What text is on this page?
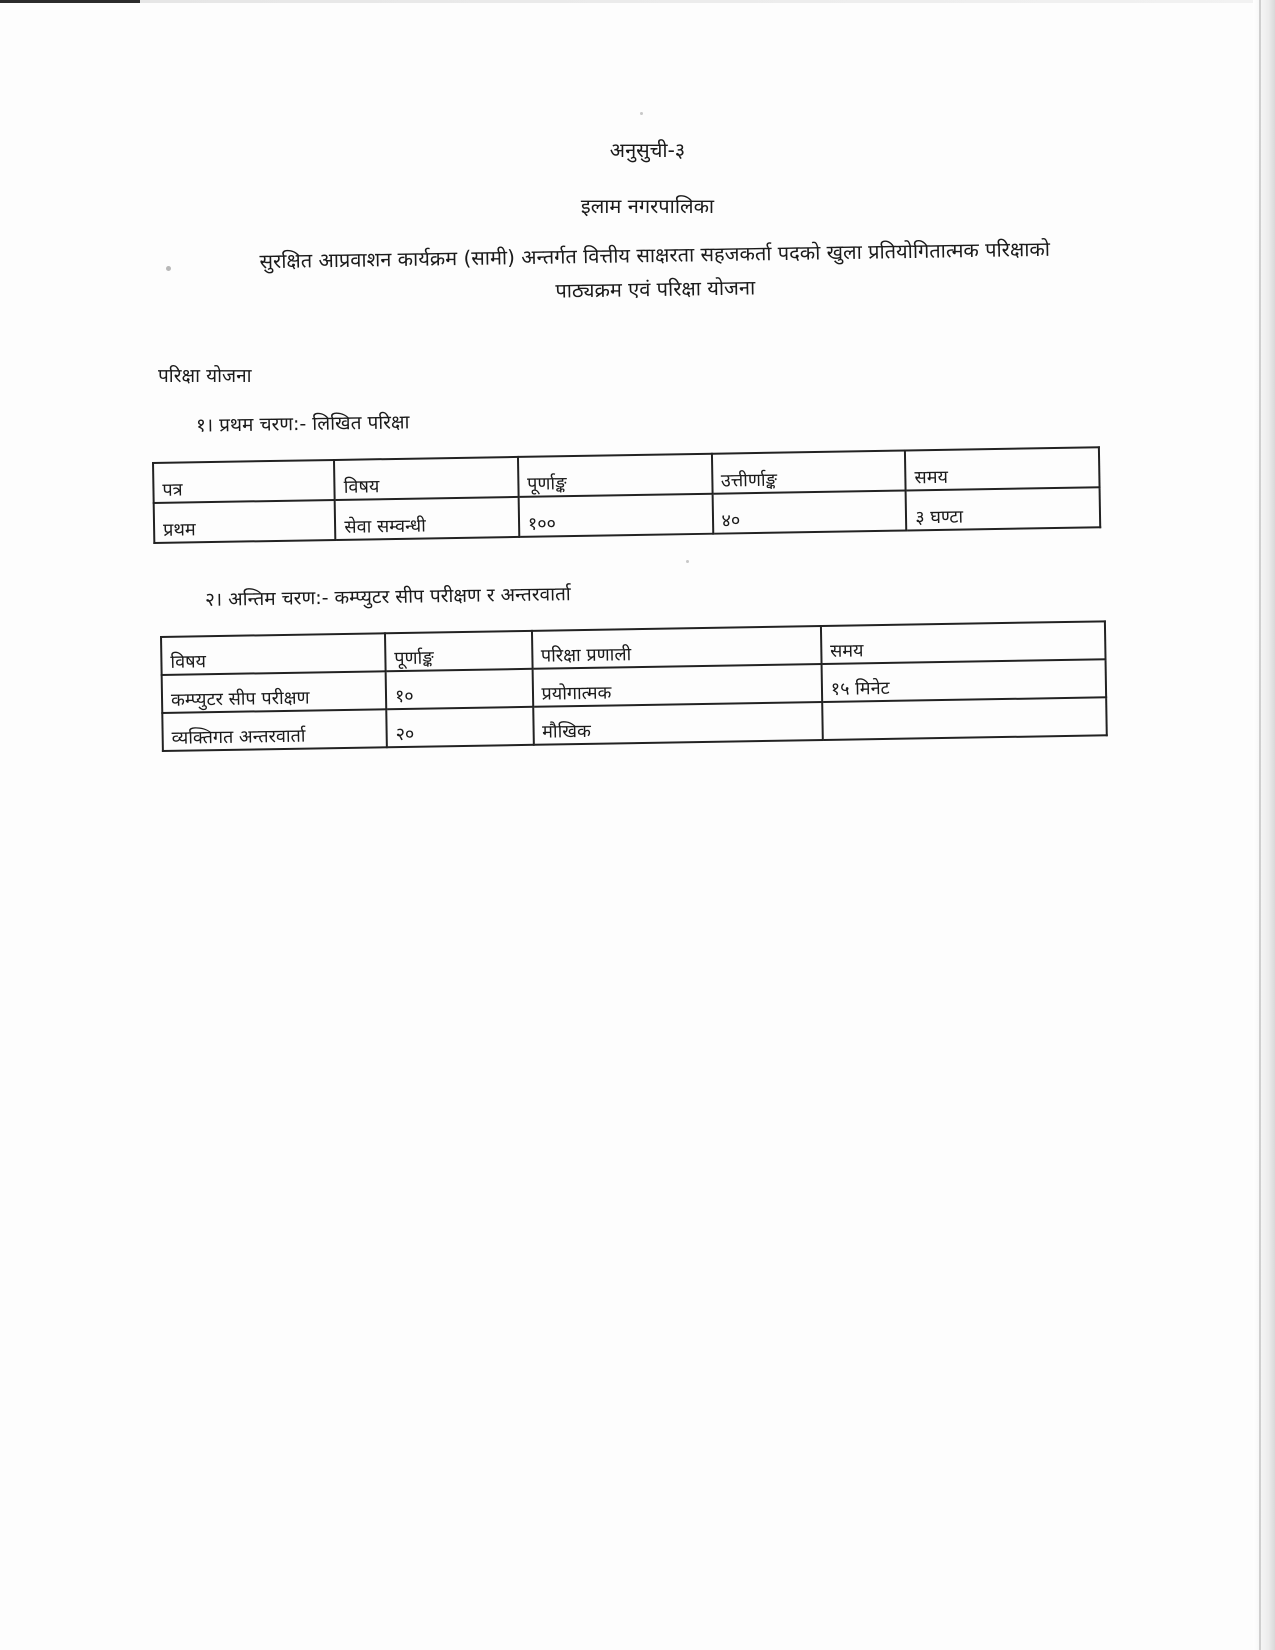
अनुसुची-३
इलाम नगरपालिका
सुरक्षित आप्रवाशन कार्यक्रम (सामी) अन्तर्गत वित्तीय साक्षरता सहजकर्ता पदको खुला प्रतियोगितात्मक परिक्षाको
पाठ्यक्रम एवं परिक्षा योजना
परिक्षा योजना
१। प्रथम चरण:- लिखित परिक्षा
पत्र	विषय	पूर्णाङ्क	उत्तीर्णाङ्क	समय
प्रथम	सेवा सम्वन्धी	१००	४०	३ घण्टा
२। अन्तिम चरण:- कम्प्युटर सीप परीक्षण र अन्तरवार्ता
विषय	पूर्णाङ्क	परिक्षा प्रणाली	समय
कम्प्युटर सीप परीक्षण	१०	प्रयोगात्मक	१५ मिनेट
व्यक्तिगत अन्तरवार्ता	२०	मौखिक	
